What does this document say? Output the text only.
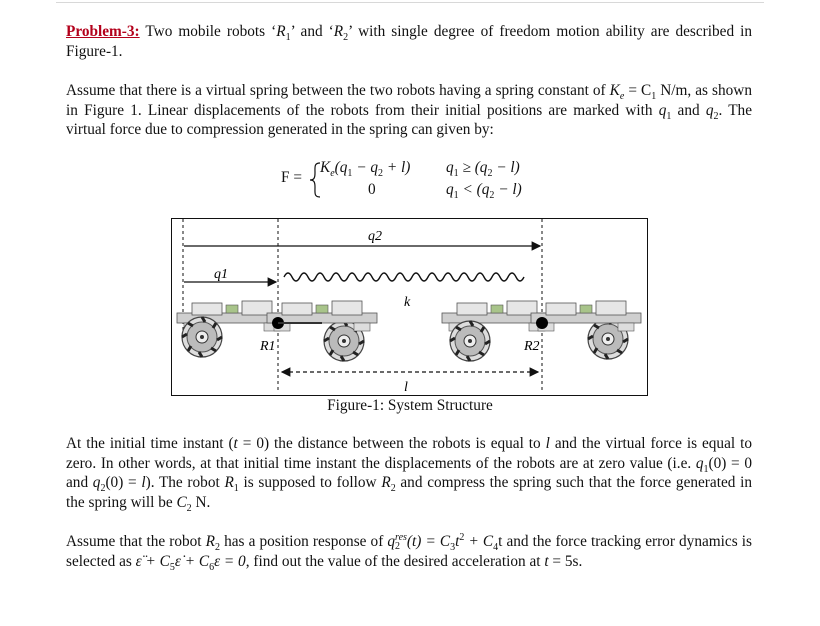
Problem-3: Two mobile robots ‘$R_1$’ and ‘$R_2$’ with single degree of freedom motion ability are described in Figure-1.
Assume that there is a virtual spring between the two robots having a spring constant of $K_e = C_1$ N/m, as shown in Figure 1. Linear displacements of the robots from their initial positions are marked with $q_1$ and $q_2$. The virtual force due to compression generated in the spring can given by:
F =
$K_e(q_1 - q_2 + l) q_1 \ge (q_2 - l)$
0	$q_1 < (q_2 - l)$
q2
q1
k
R1	R2
l
Figure-1: System Structure
At the initial time instant (t = 0) the distance between the robots is equal to l and the virtual force is equal to zero. In other words, at that initial time instant the displacements of the robots are at zero value (i.e. $q_1(0) = 0$ and $q_2(0) = l$). The robot $R_1$ is supposed to follow $R_2$ and compress the spring such that the force generated in the spring will be $C_2$ N.
Assume that the robot $R_2$ has a position response of q res
2 $(t) = C_3t^2 + C_4t$ and the force tracking error dynamics is selected as ε̈ + $C_5\varepsiloṅ + C_6\varepsilon = 0$, find out the value of the desired acceleration at t = 5s.
